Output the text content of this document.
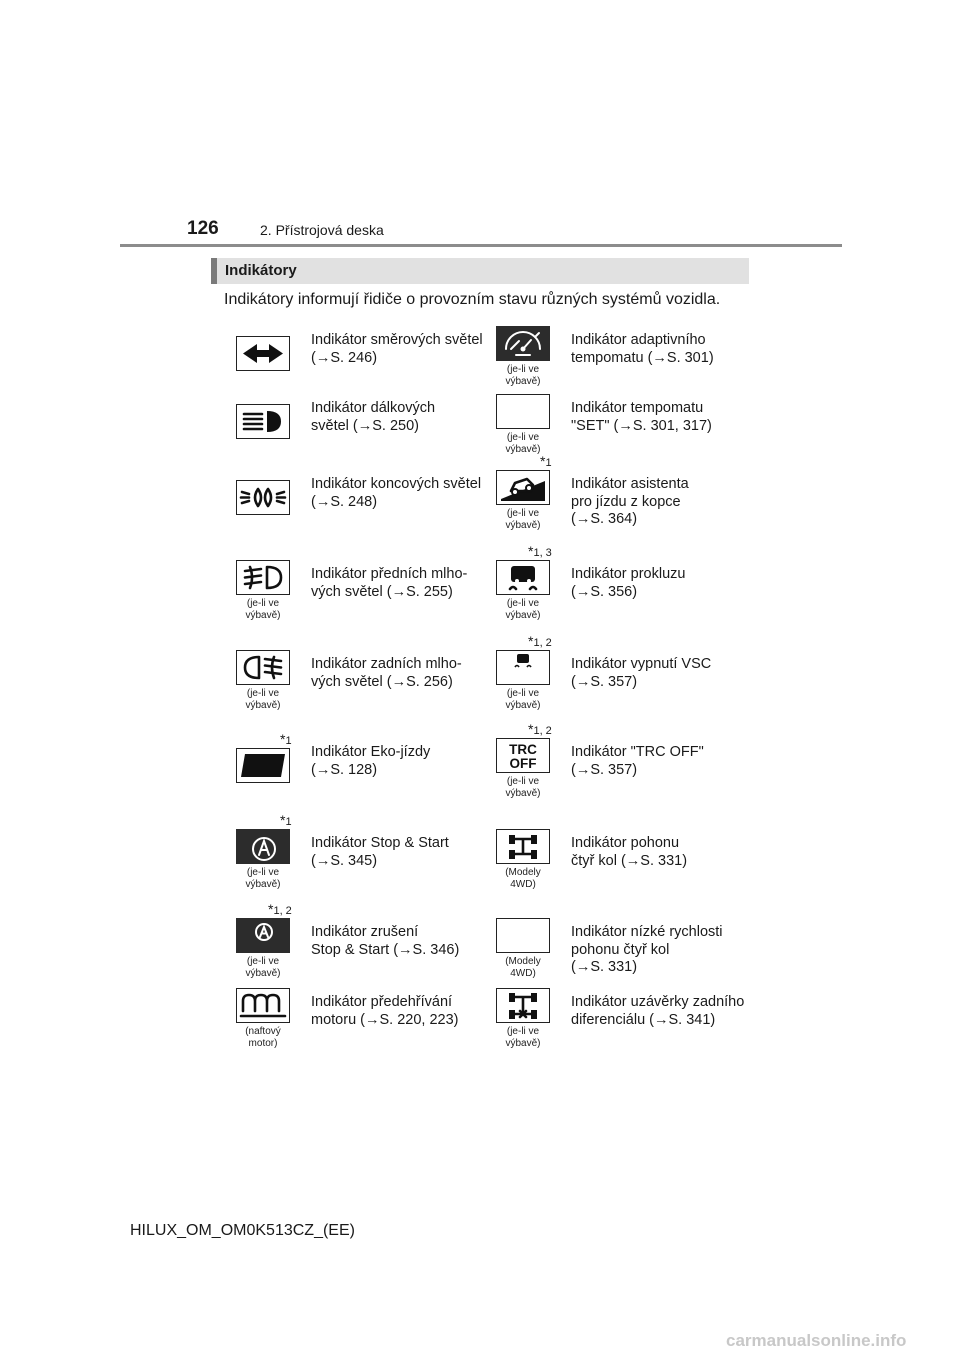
126	2. Přístrojová deska
Indikátory
Indikátory informují řidiče o provozním stavu různých systémů vozidla.
Indikátor směrových světel
(→S. 246)
(je-li ve
výbavě)
Indikátor adaptivního
tempomatu (→S. 301)
Indikátor dálkových
světel (→S. 250)
(je-li ve
výbavě)
Indikátor tempomatu
"SET" (→S. 301, 317)
Indikátor koncových světel
(→S. 248)
(je-li ve
výbavě)
*1
Indikátor asistenta
pro jízdu z kopce
(→S. 364)
(je-li ve
výbavě)
Indikátor předních mlho-
vých světel (→S. 255)
(je-li ve
výbavě)
*1, 3
Indikátor prokluzu
(→S. 356)
(je-li ve
výbavě)
Indikátor zadních mlho-
vých světel (→S. 256)
(je-li ve
výbavě)
*1, 2
Indikátor vypnutí VSC
(→S. 357)
*1
Indikátor Eko-jízdy
(→S. 128)
TRC
OFF
(je-li ve
výbavě)
*1, 2
Indikátor "TRC OFF"
(→S. 357)
(je-li ve
výbavě)
*1
Indikátor Stop & Start
(→S. 345)
(Modely
4WD)
Indikátor pohonu
čtyř kol (→S. 331)
(je-li ve
výbavě)
*1, 2
Indikátor zrušení
Stop & Start (→S. 346)
(Modely
4WD)
Indikátor nízké rychlosti
pohonu čtyř kol
(→S. 331)
(naftový
motor)
Indikátor předehřívání
motoru (→S. 220, 223)
(je-li ve
výbavě)
Indikátor uzávěrky zadního
diferenciálu (→S. 341)
HILUX_OM_OM0K513CZ_(EE)
carmanualsonline.info
